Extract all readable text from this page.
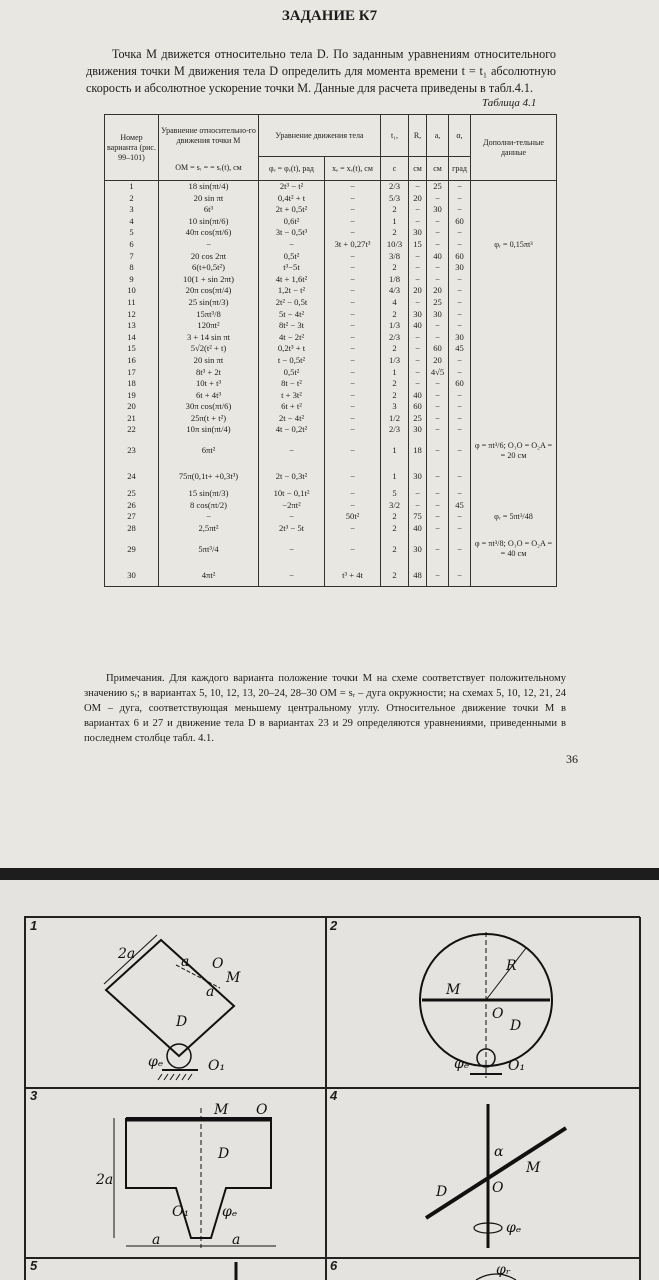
ЗАДАНИЕ К7

Точка M движется относительно тела D. По заданным уравнениям относительного движения точки M движения тела D определить для момента времени t = t₁ абсолютную скорость и абсолютное ускорение точки M. Данные для расчета приведены в табл.4.1.

Таблица 4.1
Номер варианта (рис. 99–101)	Уравнение относительно-го движения точки M	Уравнение движения тела		t₁,	R,	a,	α,	Дополни-тельные данные
	OM = sᵣ = = sᵣ(t), см	φₑ = φₑ(t), рад	xₑ = xₑ(t), см	с	см	см	град	
1	18 sin(πt/4)	2t³ − t²	−	2/3	−	25	−	
2	20 sin πt	0,4t² + t	−	5/3	20	−	−	
3	6t³	2t + 0,5t²	−	2	−	30	−	
4	10 sin(πt/6)	0,6t²	−	1	−	−	60	
5	40π cos(πt/6)	3t − 0,5t³	−	2	30	−	−	
6	−	−	3t + 0,27t³	10/3	15	−	−	φᵣ = 0,15πt³
7	20 cos 2πt	0,5t²	−	3/8	−	40	60	
8	6(t+0,5t²)	t³−5t	−	2	−	−	30	
9	10(1 + sin 2πt)	4t + 1,6t²	−	1/8	−	−	−	
10	20π cos(πt/4)	1,2t − t²	−	4/3	20	20	−	
11	25 sin(πt/3)	2t² − 0,5t	−	4	−	25	−	
12	15πt³/8	5t − 4t²	−	2	30	30	−	
13	120πt²	8t² − 3t	−	1/3	40	−	−	
14	3 + 14 sin πt	4t − 2t²	−	2/3	−	−	30	
15	5√2(t² + t)	0,2t³ + t	−	2	−	60	45	
16	20 sin πt	t − 0,5t²	−	1/3	−	20	−	
17	8t³ + 2t	0,5t²	−	1	−	4√5	−	
18	10t + t³	8t − t²	−	2	−	−	60	
19	6t + 4t³	t + 3t²	−	2	40	−	−	
20	30π cos(πt/6)	6t + t²	−	3	60	−	−	
21	25π(t + t²)	2t − 4t²	−	1/2	25	−	−	
22	10π sin(πt/4)	4t − 0,2t²	−	2/3	30	−	−	
23	6πt²	−	−	1	18	−	−	φ = πt³/6; O₁O = O₂A = = 20 см
24	75π(0,1t+ +0,3t³)	2t − 0,3t²	−	1	30	−	−	
25	15 sin(πt/3)	10t − 0,1t²	−	5	−	−	−	
26	8 cos(πt/2)	−2πt²	−	3/2	−	−	45	
27	−	−	50t²	2	75	−	−	φᵣ = 5πt³/48
28	2,5πt²	2t³ − 5t	−	2	40	−	−	
29	5πt³/4	−	−	2	30	−	−	φ = πt³/8; O₁O = O₂A = = 40 см
30	4πt²	−	t³ + 4t	2	48	−	−	

Примечания. Для каждого варианта положение точки M на схеме соответствует положительному значению sᵣ; в вариантах 5, 10, 12, 13, 20–24, 28–30 OM = sᵣ – дуга окружности; на схемах 5, 10, 12, 21, 24 OM – дуга, соответствующая меньшему центральному углу. Относительное движение точки M в вариантах 6 и 27 и движение тела D в вариантах 23 и 29 определяются уравнениями, приведенными в последнем столбце табл. 4.1.

36
1
2a	a
a
O
M
D
φₑ	O₁
2
M
R
O
D
φₑ	O₁
3
M O
D
2a
O₁ φₑ
a	a
4
α
M
D	O
φₑ
5	6	φᵣ
